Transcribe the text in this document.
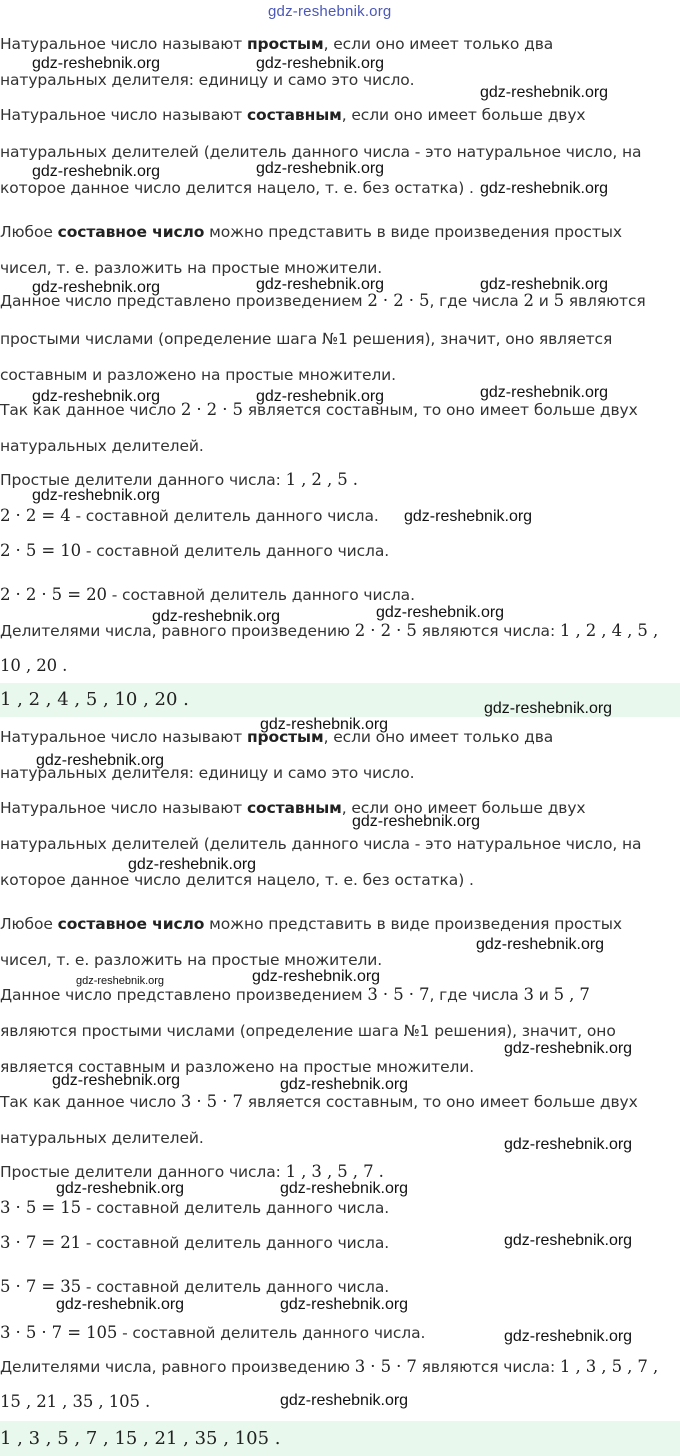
gdz-reshebnik.org

Натуральное число называют простым, если оно имеет только два

натуральных делителя: единицу и само это число.

Натуральное число называют составным, если оно имеет больше двух

натуральных делителей (делитель данного числа - это натуральное число, на

которое данное число делится нацело, т. е. без остатка) .

Любое составное число можно представить в виде произведения простых

чисел, т. е. разложить на простые множители.

Данное число представлено произведением 2 · 2 · 5, где числа 2 и 5 являются

простыми числами (определение шага №1 решения), значит, оно является

составным и разложено на простые множители.

Так как данное число 2 · 2 · 5 является составным, то оно имеет больше двух

натуральных делителей.

Простые делители данного числа: 1 , 2 , 5 .

2 · 2 = 4 - составной делитель данного числа.

2 · 5 = 10 - составной делитель данного числа.

2 · 2 · 5 = 20 - составной делитель данного числа.

Делителями числа, равного произведению 2 · 2 · 5 являются числа: 1 , 2 , 4 , 5 ,

10 , 20 .

1 , 2 , 4 , 5 , 10 , 20 .

Натуральное число называют простым, если оно имеет только два

натуральных делителя: единицу и само это число.

Натуральное число называют составным, если оно имеет больше двух

натуральных делителей (делитель данного числа - это натуральное число, на

которое данное число делится нацело, т. е. без остатка) .

Любое составное число можно представить в виде произведения простых

чисел, т. е. разложить на простые множители.

Данное число представлено произведением 3 · 5 · 7, где числа 3 и 5 , 7

являются простыми числами (определение шага №1 решения), значит, оно

является составным и разложено на простые множители.

Так как данное число 3 · 5 · 7 является составным, то оно имеет больше двух

натуральных делителей.

Простые делители данного числа: 1 , 3 , 5 , 7 .

3 · 5 = 15 - составной делитель данного числа.

3 · 7 = 21 - составной делитель данного числа.

5 · 7 = 35 - составной делитель данного числа.

3 · 5 · 7 = 105 - составной делитель данного числа.

Делителями числа, равного произведению 3 · 5 · 7 являются числа: 1 , 3 , 5 , 7 ,

15 , 21 , 35 , 105 .

1 , 3 , 5 , 7 , 15 , 21 , 35 , 105 .
gdz-reshebnik.org	gdz-reshebnik.org
gdz-reshebnik.org
gdz-reshebnik.org	gdz-reshebnik.org
gdz-reshebnik.org
gdz-reshebnik.org	gdz-reshebnik.org	gdz-reshebnik.org
gdz-reshebnik.org	gdz-reshebnik.org	gdz-reshebnik.org
gdz-reshebnik.org
gdz-reshebnik.org
gdz-reshebnik.org	gdz-reshebnik.org
gdz-reshebnik.org
gdz-reshebnik.org
gdz-reshebnik.org
gdz-reshebnik.org
gdz-reshebnik.org
gdz-reshebnik.org
gdz-reshebnik.org	gdz-reshebnik.org
gdz-reshebnik.org
gdz-reshebnik.org	gdz-reshebnik.org
gdz-reshebnik.org
gdz-reshebnik.org	gdz-reshebnik.org
gdz-reshebnik.org
gdz-reshebnik.org	gdz-reshebnik.org
gdz-reshebnik.org
gdz-reshebnik.org
